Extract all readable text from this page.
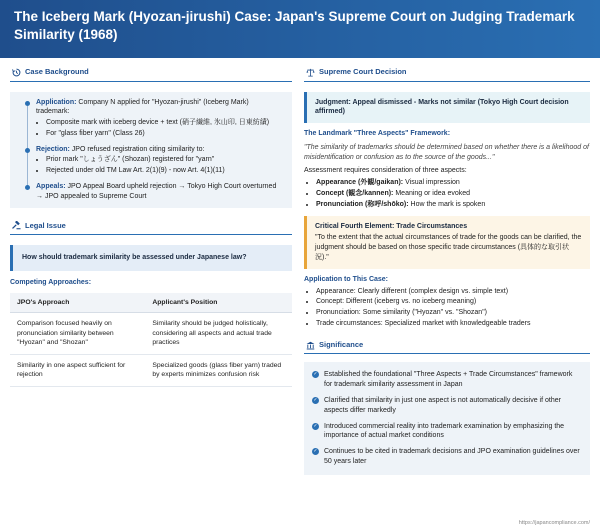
The Iceberg Mark (Hyozan-jirushi) Case: Japan's Supreme Court on Judging Trademark Similarity (1968)
Case Background
Application: Company N applied for "Hyozan-jirushi" (Iceberg Mark) trademark:
• Composite mark with iceberg device + text (硝子繊維, 氷山印, 日東紡績)
• For "glass fiber yarn" (Class 26)
Rejection: JPO refused registration citing similarity to:
• Prior mark "しょうざん" (Shozan) registered for "yarn"
• Rejected under old TM Law Art. 2(1)(9) - now Art. 4(1)(11)
Appeals: JPO Appeal Board upheld rejection → Tokyo High Court overturned → JPO appealed to Supreme Court
Legal Issue
How should trademark similarity be assessed under Japanese law?
Competing Approaches:
JPO's Approach	Applicant's Position
Comparison focused heavily on pronunciation similarity between "Hyozan" and "Shozan"	Similarity should be judged holistically, considering all aspects and actual trade practices
Similarity in one aspect sufficient for rejection	Specialized goods (glass fiber yarn) traded by experts minimizes confusion risk
Supreme Court Decision
Judgment: Appeal dismissed - Marks not similar (Tokyo High Court decision affirmed)
The Landmark "Three Aspects" Framework:
"The similarity of trademarks should be determined based on whether there is a likelihood of misidentification or confusion as to the source of the goods..."
Assessment requires consideration of three aspects:
• Appearance (外観/gaikan): Visual impression
• Concept (観念/kannen): Meaning or idea evoked
• Pronunciation (称呼/shōko): How the mark is spoken
Critical Fourth Element: Trade Circumstances
"To the extent that the actual circumstances of trade for the goods can be clarified, the judgment should be based on those specific trade circumstances (具体的な取引状況)."
Application to This Case:
• Appearance: Clearly different (complex design vs. simple text)
• Concept: Different (iceberg vs. no iceberg meaning)
• Pronunciation: Some similarity ("Hyozan" vs. "Shozan")
• Trade circumstances: Specialized market with knowledgeable traders
Significance
✓ Established the foundational "Three Aspects + Trade Circumstances" framework for trademark similarity assessment in Japan
✓ Clarified that similarity in just one aspect is not automatically decisive if other aspects differ markedly
✓ Introduced commercial reality into trademark examination by emphasizing the importance of actual market conditions
✓ Continues to be cited in trademark decisions and JPO examination guidelines over 50 years later
https://japancompliance.com/
